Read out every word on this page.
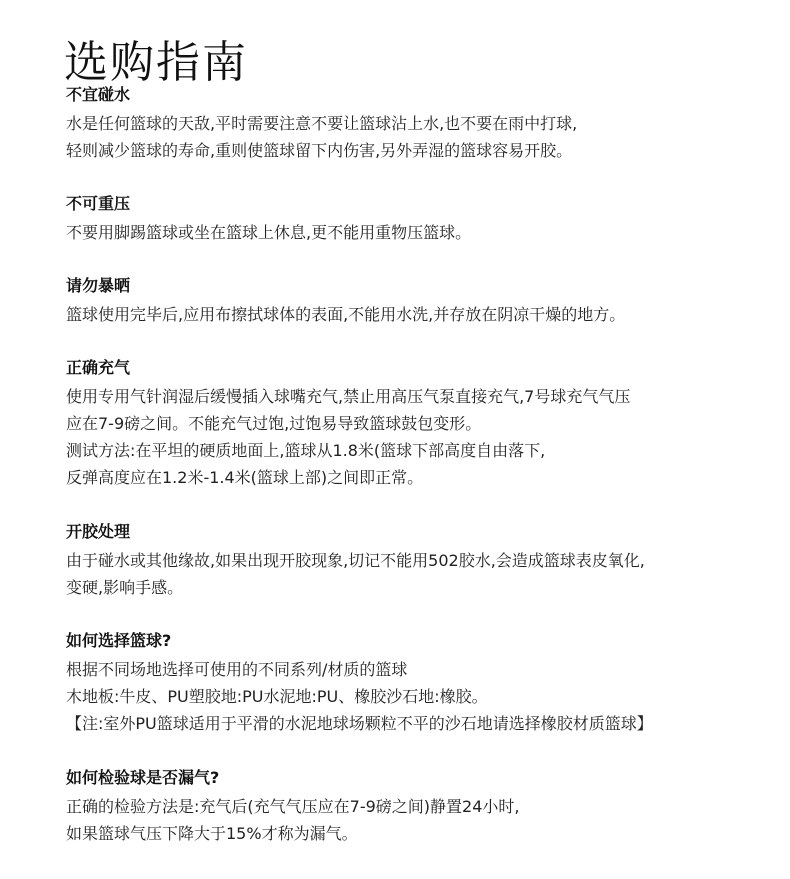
选购指南
不宜碰水

水是任何篮球的天敌,平时需要注意不要让篮球沾上水,也不要在雨中打球,

轻则减少篮球的寿命,重则使篮球留下内伤害,另外弄湿的篮球容易开胶。

不可重压

不要用脚踢篮球或坐在篮球上休息,更不能用重物压篮球。

请勿暴晒

篮球使用完毕后,应用布擦拭球体的表面,不能用水洗,并存放在阴凉干燥的地方。

正确充气

使用专用气针润湿后缓慢插入球嘴充气,禁止用高压气泵直接充气,7号球充气气压

应在7-9磅之间。不能充气过饱,过饱易导致篮球鼓包变形。

测试方法:在平坦的硬质地面上,篮球从1.8米(篮球下部高度自由落下,

反弹高度应在1.2米-1.4米(篮球上部)之间即正常。

开胶处理

由于碰水或其他缘故,如果出现开胶现象,切记不能用502胶水,会造成篮球表皮氧化,

变硬,影响手感。

如何选择篮球?

根据不同场地选择可使用的不同系列/材质的篮球

木地板:牛皮、PU塑胶地:PU水泥地:PU、橡胶沙石地:橡胶。

【注:室外PU篮球适用于平滑的水泥地球场颗粒不平的沙石地请选择橡胶材质篮球】

如何检验球是否漏气?

正确的检验方法是:充气后(充气气压应在7-9磅之间)静置24小时,

如果篮球气压下降大于15%才称为漏气。
